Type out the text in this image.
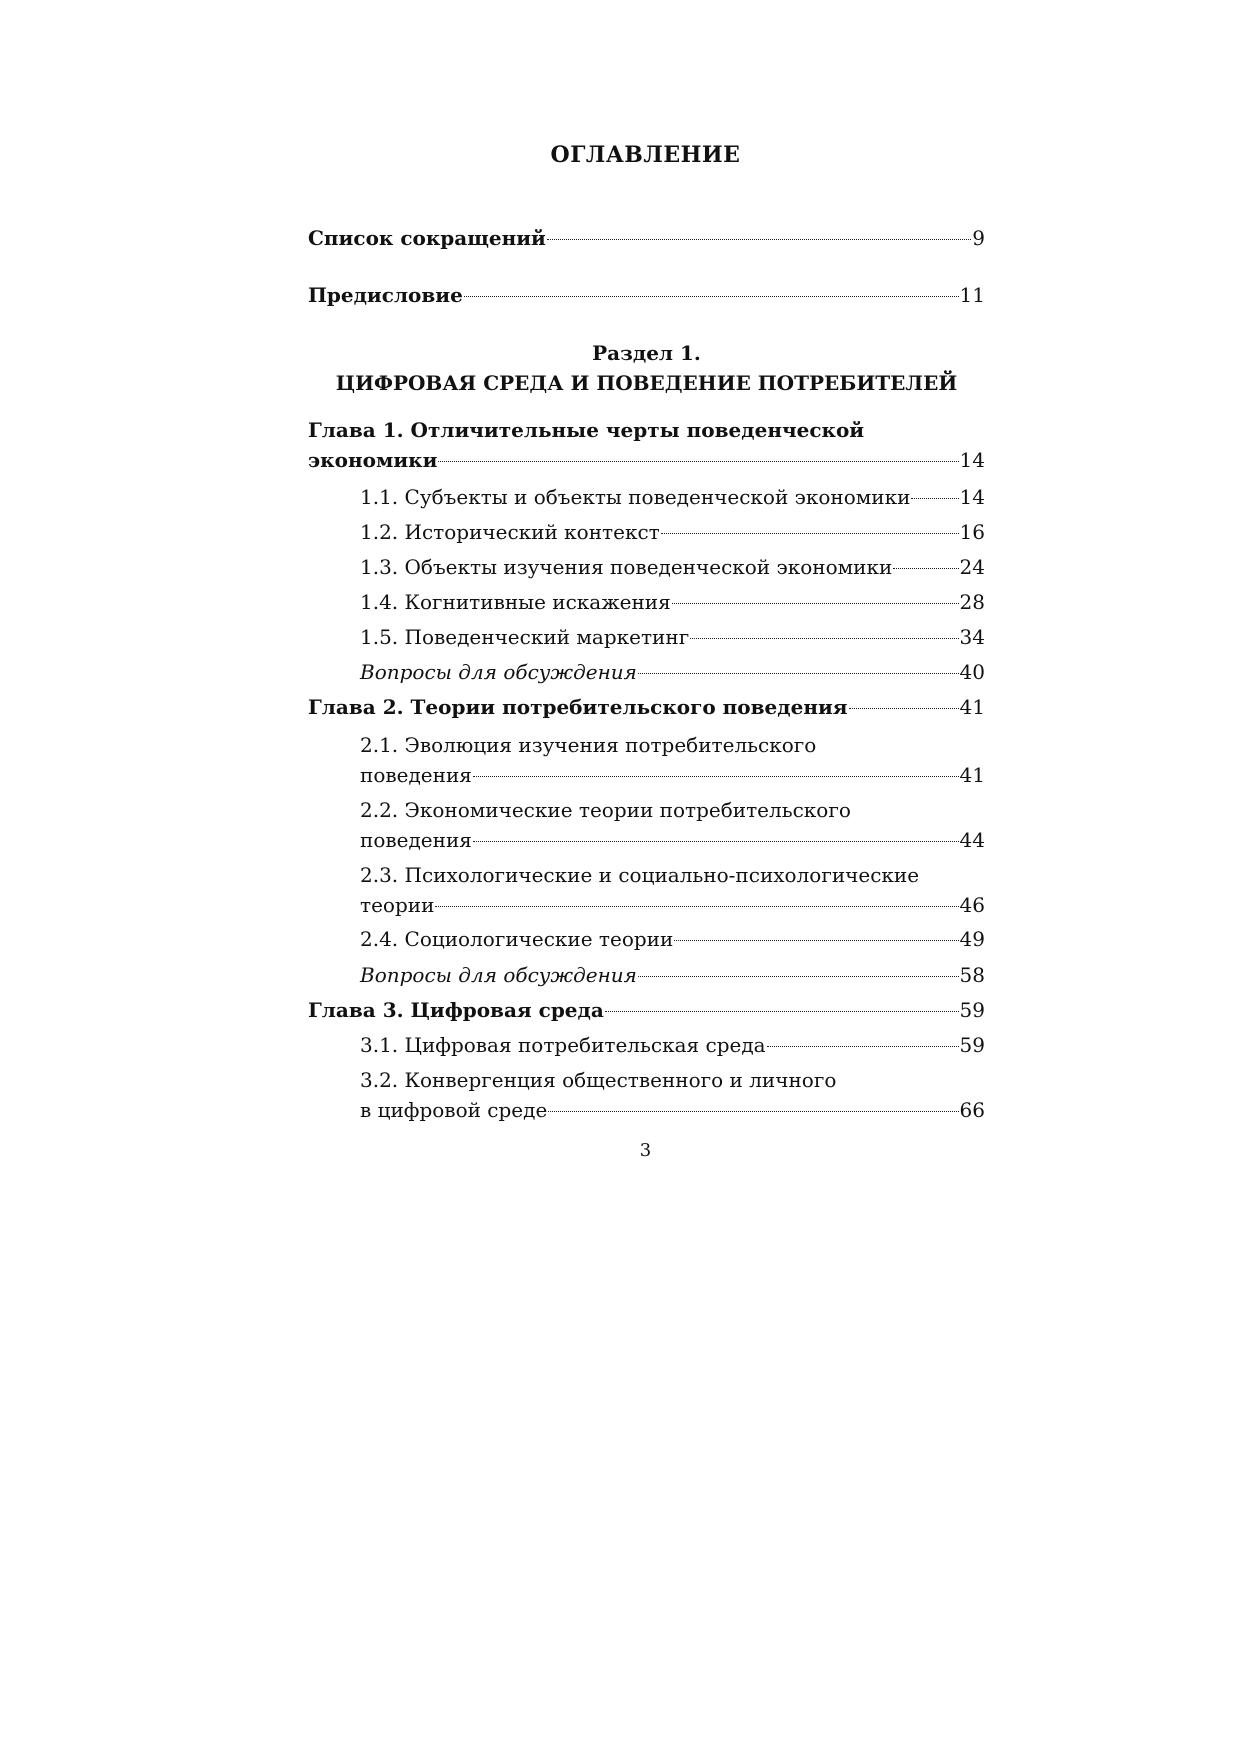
ОГЛАВЛЕНИЕ
Список сокращений	9
Предисловие	11
Раздел 1.
ЦИФРОВАЯ СРЕДА И ПОВЕДЕНИЕ ПОТРЕБИТЕЛЕЙ
Глава 1. Отличительные черты поведенческой
экономики	14
1.1. Субъекты и объекты поведенческой экономики 14
1.2. Исторический контекст	16
1.3. Объекты изучения поведенческой экономики	24
1.4. Когнитивные искажения	28
1.5. Поведенческий маркетинг	34
Вопросы для обсуждения	40
Глава 2. Теории потребительского поведения	41
2.1. Эволюция изучения потребительского
поведения	41
2.2. Экономические теории потребительского
поведения	44
2.3. Психологические и социально-психологические
теории	46
2.4. Социологические теории	49
Вопросы для обсуждения	58
Глава 3. Цифровая среда	59
3.1. Цифровая потребительская среда	59
3.2. Конвергенция общественного и личного
в цифровой среде	66
3
